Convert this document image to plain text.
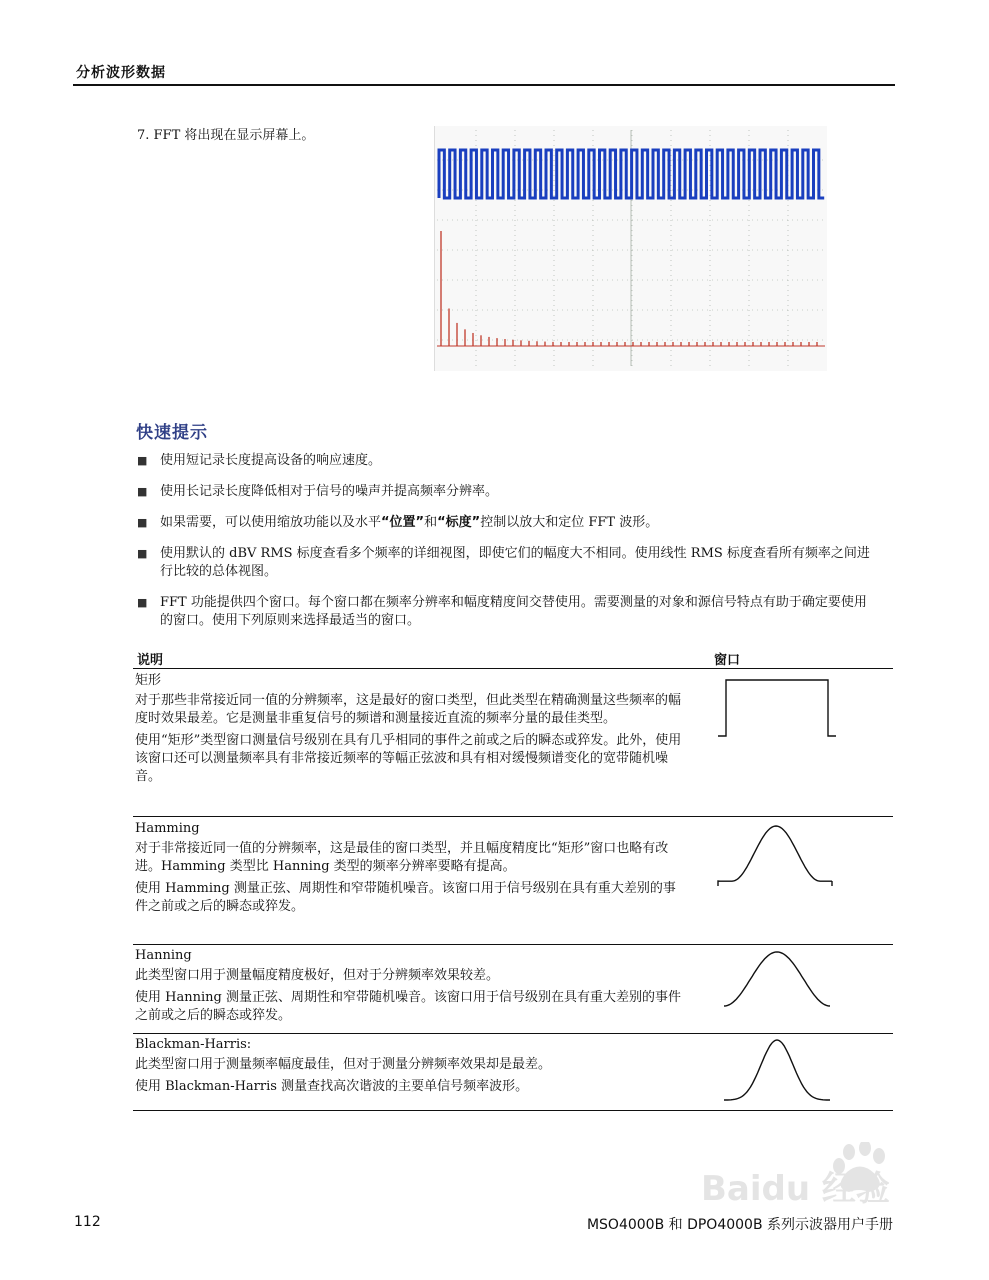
分析波形数据
7. FFT 将出现在显示屏幕上。
快速提示
■ 使用短记录长度提高设备的响应速度。
■ 使用长记录长度降低相对于信号的噪声并提高频率分辨率。
■ 如果需要，可以使用缩放功能以及水平“位置”和“标度”控制以放大和定位 FFT 波形。
■ 使用默认的 dBV RMS 标度查看多个频率的详细视图，即使它们的幅度大不相同。使用线性 RMS 标度查看所有频率之间进行比较的总体视图。
■ FFT 功能提供四个窗口。每个窗口都在频率分辨率和幅度精度间交替使用。需要测量的对象和源信号特点有助于确定要使用的窗口。使用下列原则来选择最适当的窗口。
说明	窗口
矩形

对于那些非常接近同一值的分辨频率，这是最好的窗口类型，但此类型在精确测量这些频率的幅度时效果最差。它是测量非重复信号的频谱和测量接近直流的频率分量的最佳类型。

使用“矩形”类型窗口测量信号级别在具有几乎相同的事件之前或之后的瞬态或猝发。此外，使用该窗口还可以测量频率具有非常接近频率的等幅正弦波和具有相对缓慢频谱变化的宽带随机噪音。

Hamming

对于非常接近同一值的分辨频率，这是最佳的窗口类型，并且幅度精度比“矩形”窗口也略有改进。Hamming 类型比 Hanning 类型的频率分辨率要略有提高。

使用 Hamming 测量正弦、周期性和窄带随机噪音。该窗口用于信号级别在具有重大差别的事件之前或之后的瞬态或猝发。

Hanning

此类型窗口用于测量幅度精度极好，但对于分辨频率效果较差。

使用 Hanning 测量正弦、周期性和窄带随机噪音。该窗口用于信号级别在具有重大差别的事件之前或之后的瞬态或猝发。

Blackman-Harris:

此类型窗口用于测量频率幅度最佳，但对于测量分辨频率效果却是最差。

使用 Blackman-Harris 测量查找高次谐波的主要单信号频率波形。

Baidu 经验
112	MSO4000B 和 DPO4000B 系列示波器用户手册
